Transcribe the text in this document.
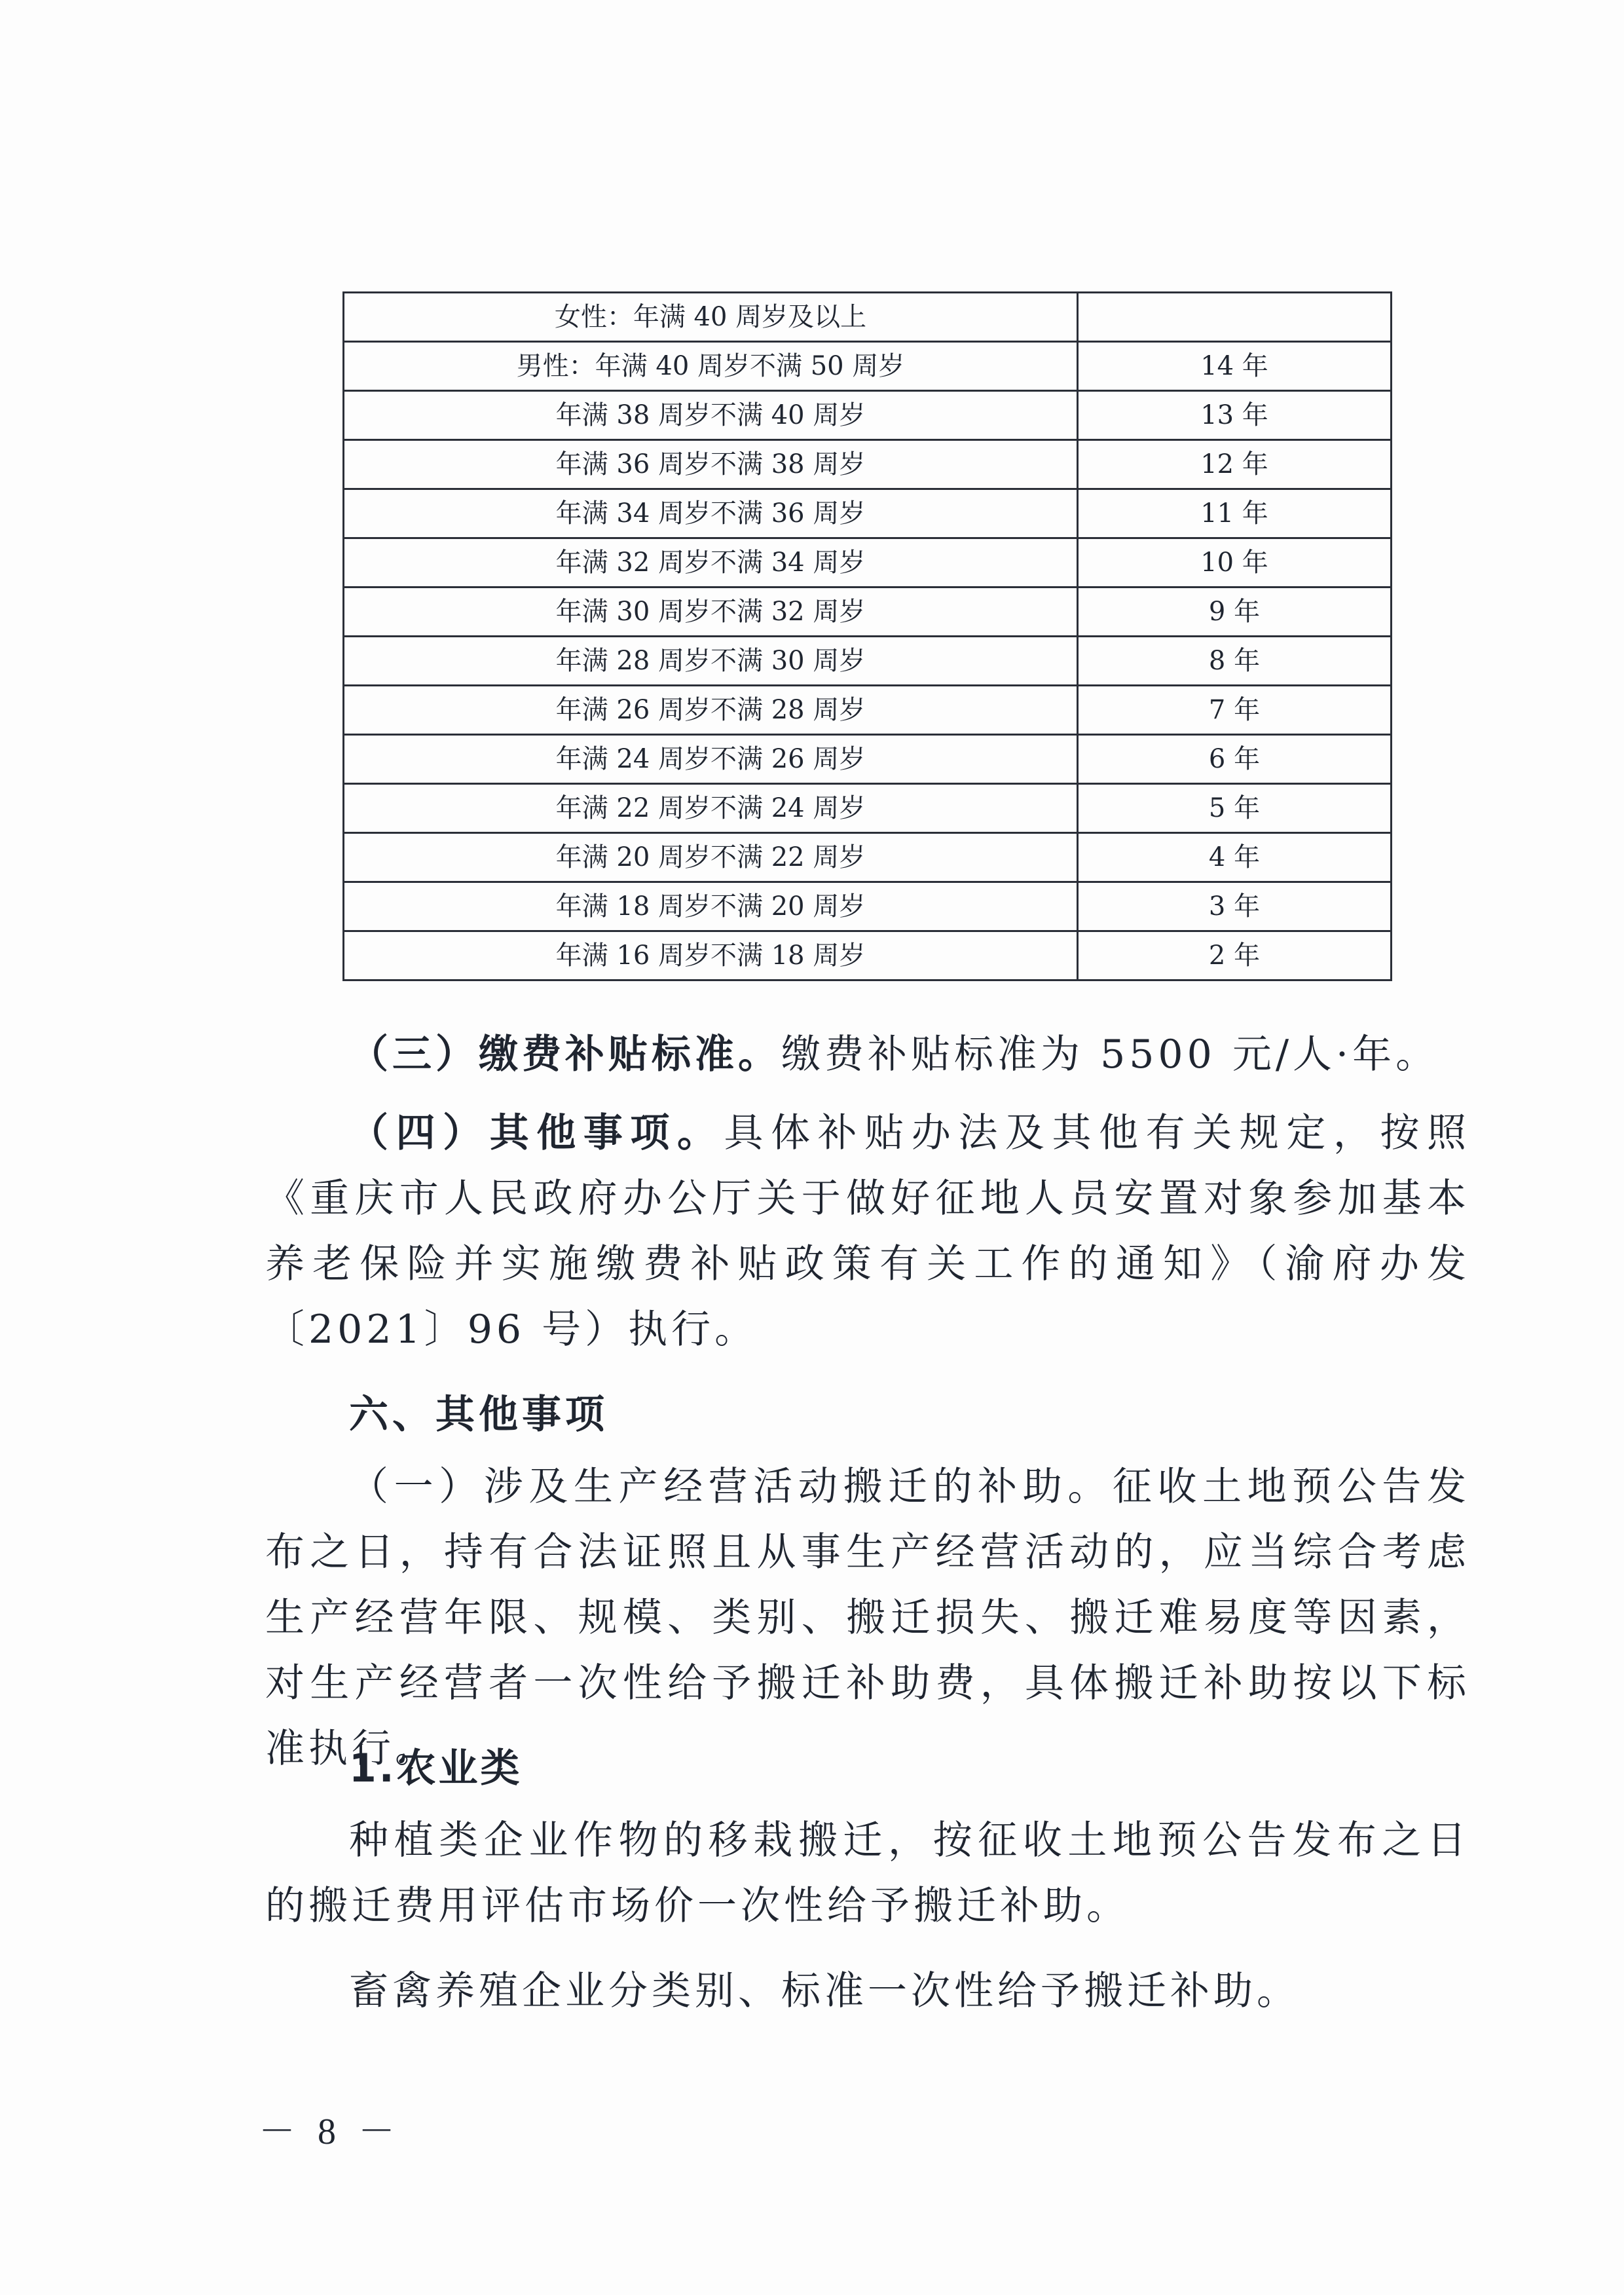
女性：年满 40 周岁及以上	
男性：年满 40 周岁不满 50 周岁	14 年
年满 38 周岁不满 40 周岁	13 年
年满 36 周岁不满 38 周岁	12 年
年满 34 周岁不满 36 周岁	11 年
年满 32 周岁不满 34 周岁	10 年
年满 30 周岁不满 32 周岁	9 年
年满 28 周岁不满 30 周岁	8 年
年满 26 周岁不满 28 周岁	7 年
年满 24 周岁不满 26 周岁	6 年
年满 22 周岁不满 24 周岁	5 年
年满 20 周岁不满 22 周岁	4 年
年满 18 周岁不满 20 周岁	3 年
年满 16 周岁不满 18 周岁	2 年

（三）缴费补贴标准。缴费补贴标准为 5500 元/人·年。

（四）其他事项。具体补贴办法及其他有关规定，按照《重庆市人民政府办公厅关于做好征地人员安置对象参加基本养老保险并实施缴费补贴政策有关工作的通知》（渝府办发〔2021〕96 号）执行。

六、其他事项

（一）涉及生产经营活动搬迁的补助。征收土地预公告发布之日，持有合法证照且从事生产经营活动的，应当综合考虑生产经营年限、规模、类别、搬迁损失、搬迁难易度等因素，对生产经营者一次性给予搬迁补助费，具体搬迁补助按以下标准执行。

1.农业类

种植类企业作物的移栽搬迁，按征收土地预公告发布之日的搬迁费用评估市场价一次性给予搬迁补助。

畜禽养殖企业分类别、标准一次性给予搬迁补助。

－ 8 －
